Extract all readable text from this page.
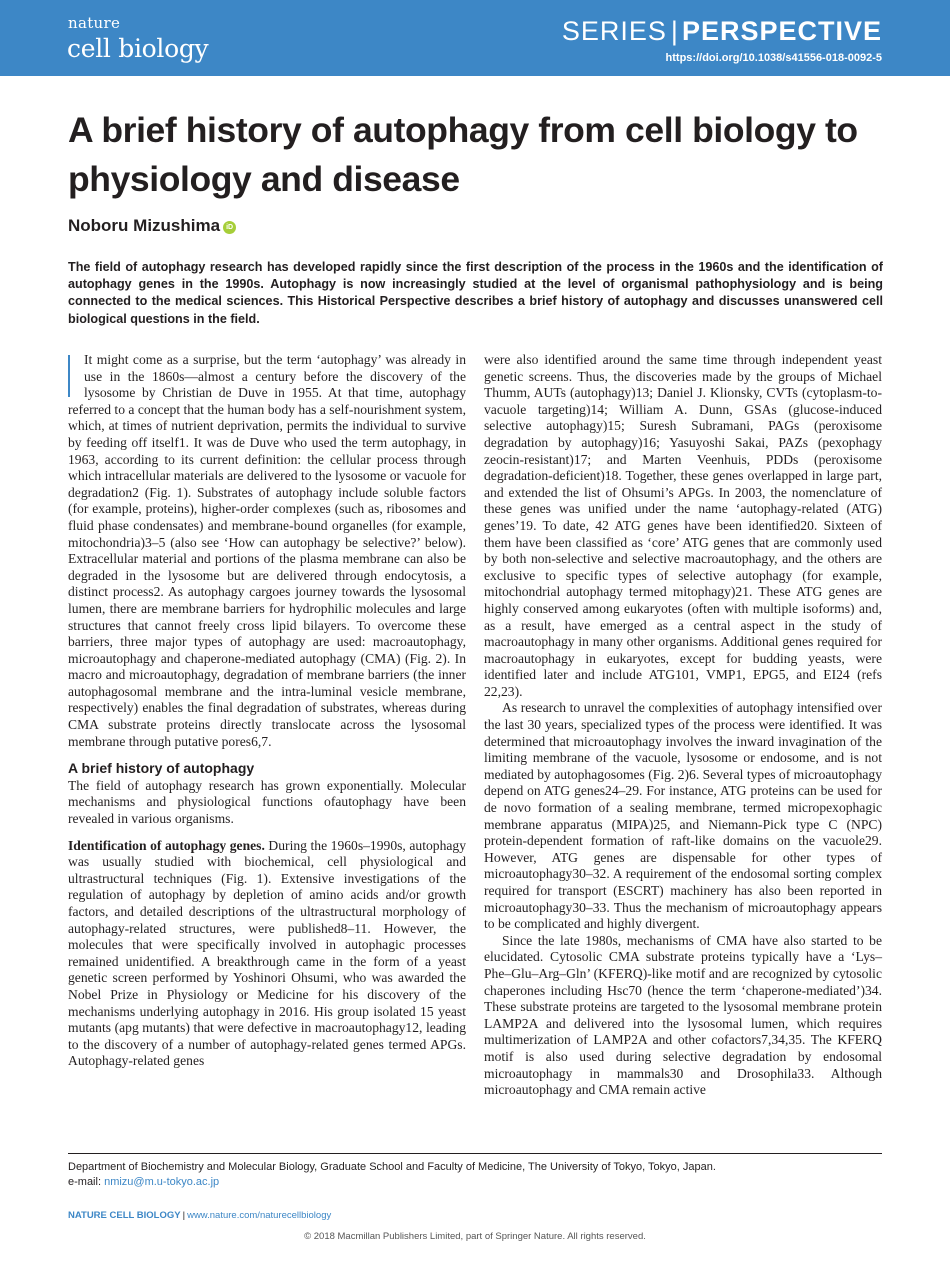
nature
cell biology
SERIES | PERSPECTIVE
https://doi.org/10.1038/s41556-018-0092-5
A brief history of autophagy from cell biology to physiology and disease
Noboru Mizushima iD

The field of autophagy research has developed rapidly since the first description of the process in the 1960s and the identification of autophagy genes in the 1990s. Autophagy is now increasingly studied at the level of organismal pathophysiology and is being connected to the medical sciences. This Historical Perspective describes a brief history of autophagy and discusses unanswered cell biological questions in the field.

It might come as a surprise, but the term ‘autophagy’ was already in use in the 1860s—almost a century before the discovery of the lysosome by Christian de Duve in 1955. At that time, autophagy referred to a concept that the human body has a self-nourishment system, which, at times of nutrient deprivation, permits the individual to survive by feeding off itself1. It was de Duve who used the term autophagy, in 1963, according to its current definition: the cellular process through which intracellular materials are delivered to the lysosome or vacuole for degradation2 (Fig. 1). Substrates of autophagy include soluble factors (for example, proteins), higher-order complexes (such as, ribosomes and fluid phase condensates) and membrane-bound organelles (for example, mitochondria)3–5 (also see ‘How can autophagy be selective?’ below). Extracellular material and portions of the plasma membrane can also be degraded in the lysosome but are delivered through endocytosis, a distinct process2. As autophagy cargoes journey towards the lysosomal lumen, there are membrane barriers for hydrophilic molecules and large structures that cannot freely cross lipid bilayers. To overcome these barriers, three major types of autophagy are used: macroautophagy, microautophagy and chaperone-mediated autophagy (CMA) (Fig. 2). In macro and microautophagy, degradation of membrane barriers (the inner autophagosomal membrane and the intra-luminal vesicle membrane, respectively) enables the final degradation of substrates, whereas during CMA substrate proteins directly translocate across the lysosomal membrane through putative pores6,7.

A brief history of autophagy

The field of autophagy research has grown exponentially. Molecular mechanisms and physiological functions ofautophagy have been revealed in various organisms.

Identification of autophagy genes. During the 1960s–1990s, autophagy was usually studied with biochemical, cell physiological and ultrastructural techniques (Fig. 1). Extensive investigations of the regulation of autophagy by depletion of amino acids and/or growth factors, and detailed descriptions of the ultrastructural morphology of autophagy-related structures, were published8–11. However, the molecules that were specifically involved in autophagic processes remained unidentified. A breakthrough came in the form of a yeast genetic screen performed by Yoshinori Ohsumi, who was awarded the Nobel Prize in Physiology or Medicine for his discovery of the mechanisms underlying autophagy in 2016. His group isolated 15 yeast mutants (apg mutants) that were defective in macroautophagy12, leading to the discovery of a number of autophagy-related genes termed APGs. Autophagy-related genes

were also identified around the same time through independent yeast genetic screens. Thus, the discoveries made by the groups of Michael Thumm, AUTs (autophagy)13; Daniel J. Klionsky, CVTs (cytoplasm-to-vacuole targeting)14; William A. Dunn, GSAs (glucose-induced selective autophagy)15; Suresh Subramani, PAGs (peroxisome degradation by autophagy)16; Yasuyoshi Sakai, PAZs (pexophagy zeocin-resistant)17; and Marten Veenhuis, PDDs (peroxisome degradation-deficient)18. Together, these genes overlapped in large part, and extended the list of Ohsumi’s APGs. In 2003, the nomenclature of these genes was unified under the name ‘autophagy-related (ATG) genes’19. To date, 42 ATG genes have been identified20. Sixteen of them have been classified as ‘core’ ATG genes that are commonly used by both non-selective and selective macroautophagy, and the others are exclusive to specific types of selective autophagy (for example, mitochondrial autophagy termed mitophagy)21. These ATG genes are highly conserved among eukaryotes (often with multiple isoforms) and, as a result, have emerged as a central aspect in the study of macroautophagy in many other organisms. Additional genes required for macroautophagy in eukaryotes, except for budding yeasts, were identified later and include ATG101, VMP1, EPG5, and EI24 (refs 22,23).

As research to unravel the complexities of autophagy intensified over the last 30 years, specialized types of the process were identified. It was determined that microautophagy involves the inward invagination of the limiting membrane of the vacuole, lysosome or endosome, and is not mediated by autophagosomes (Fig. 2)6. Several types of microautophagy depend on ATG genes24–29. For instance, ATG proteins can be used for de novo formation of a sealing membrane, termed micropexophagic membrane apparatus (MIPA)25, and Niemann-Pick type C (NPC) protein-dependent formation of raft-like domains on the vacuole29. However, ATG genes are dispensable for other types of microautophagy30–32. A requirement of the endosomal sorting complex required for transport (ESCRT) machinery has also been reported in microautophagy30–33. Thus the mechanism of microautophagy appears to be complicated and highly divergent.

Since the late 1980s, mechanisms of CMA have also started to be elucidated. Cytosolic CMA substrate proteins typically have a ‘Lys–Phe–Glu–Arg–Gln’ (KFERQ)-like motif and are recognized by cytosolic chaperones including Hsc70 (hence the term ‘chaperone-mediated’)34. These substrate proteins are targeted to the lysosomal membrane protein LAMP2A and delivered into the lysosomal lumen, which requires multimerization of LAMP2A and other cofactors7,34,35. The KFERQ motif is also used during selective degradation by endosomal microautophagy in mammals30 and Drosophila33. Although microautophagy and CMA remain active

Department of Biochemistry and Molecular Biology, Graduate School and Faculty of Medicine, The University of Tokyo, Tokyo, Japan.
e-mail: nmizu@m.u-tokyo.ac.jp
NATURE CELL BIOLOGY | www.nature.com/naturecellbiology
© 2018 Macmillan Publishers Limited, part of Springer Nature. All rights reserved.
